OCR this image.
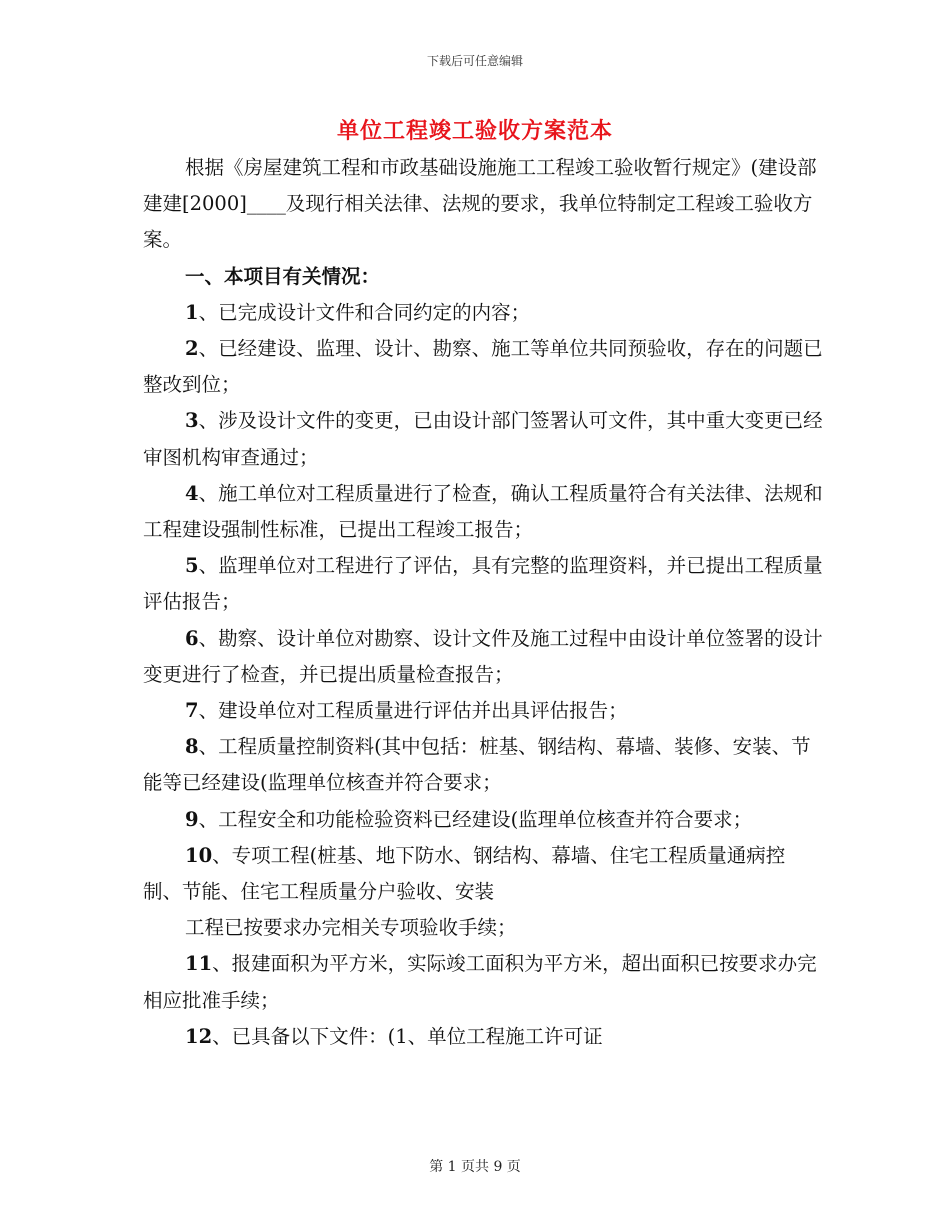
下载后可任意编辑
单位工程竣工验收方案范本

根据《房屋建筑工程和市政基础设施施工工程竣工验收暂行规定》(建设部建建[2000]____及现行相关法律、法规的要求，我单位特制定工程竣工验收方案。

一、本项目有关情况：

1、已完成设计文件和合同约定的内容；

2、已经建设、监理、设计、勘察、施工等单位共同预验收，存在的问题已整改到位；

3、涉及设计文件的变更，已由设计部门签署认可文件，其中重大变更已经审图机构审查通过；

4、施工单位对工程质量进行了检查，确认工程质量符合有关法律、法规和工程建设强制性标准，已提出工程竣工报告；

5、监理单位对工程进行了评估，具有完整的监理资料，并已提出工程质量评估报告；

6、勘察、设计单位对勘察、设计文件及施工过程中由设计单位签署的设计变更进行了检查，并已提出质量检查报告；

7、建设单位对工程质量进行评估并出具评估报告；

8、工程质量控制资料(其中包括：桩基、钢结构、幕墙、装修、安装、节能等已经建设(监理单位核查并符合要求；

9、工程安全和功能检验资料已经建设(监理单位核查并符合要求；

10、专项工程(桩基、地下防水、钢结构、幕墙、住宅工程质量通病控制、节能、住宅工程质量分户验收、安装

工程已按要求办完相关专项验收手续；

11、报建面积为平方米，实际竣工面积为平方米，超出面积已按要求办完相应批准手续；

12、已具备以下文件：(1、单位工程施工许可证

第 1 页共 9 页
